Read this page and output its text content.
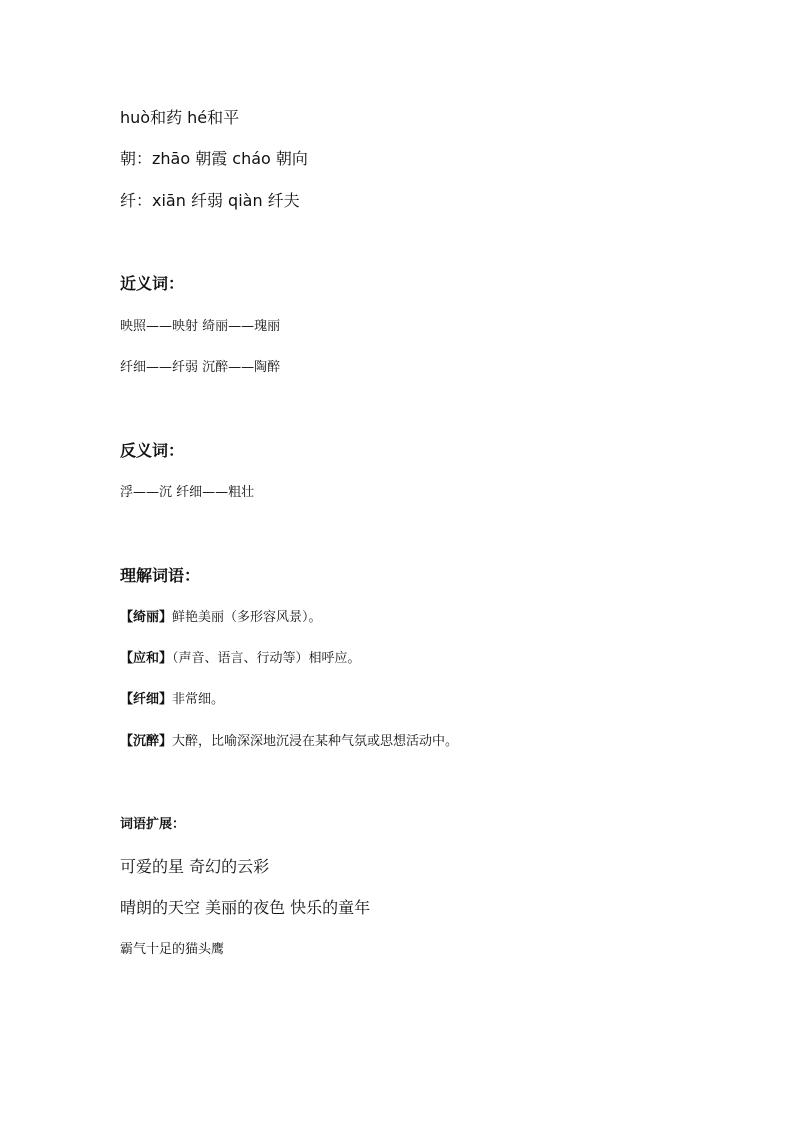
huò和药 hé和平
朝：zhāo 朝霞 cháo 朝向
纤：xiān 纤弱 qiàn 纤夫
近义词：
映照——映射 绮丽——瑰丽
纤细——纤弱 沉醉——陶醉
反义词：
浮——沉 纤细——粗壮
理解词语：
【绮丽】鲜艳美丽（多形容风景）。
【应和】（声音、语言、行动等）相呼应。
【纤细】非常细。
【沉醉】大醉，比喻深深地沉浸在某种气氛或思想活动中。
词语扩展：
可爱的星 奇幻的云彩
晴朗的天空 美丽的夜色 快乐的童年
霸气十足的猫头鹰
